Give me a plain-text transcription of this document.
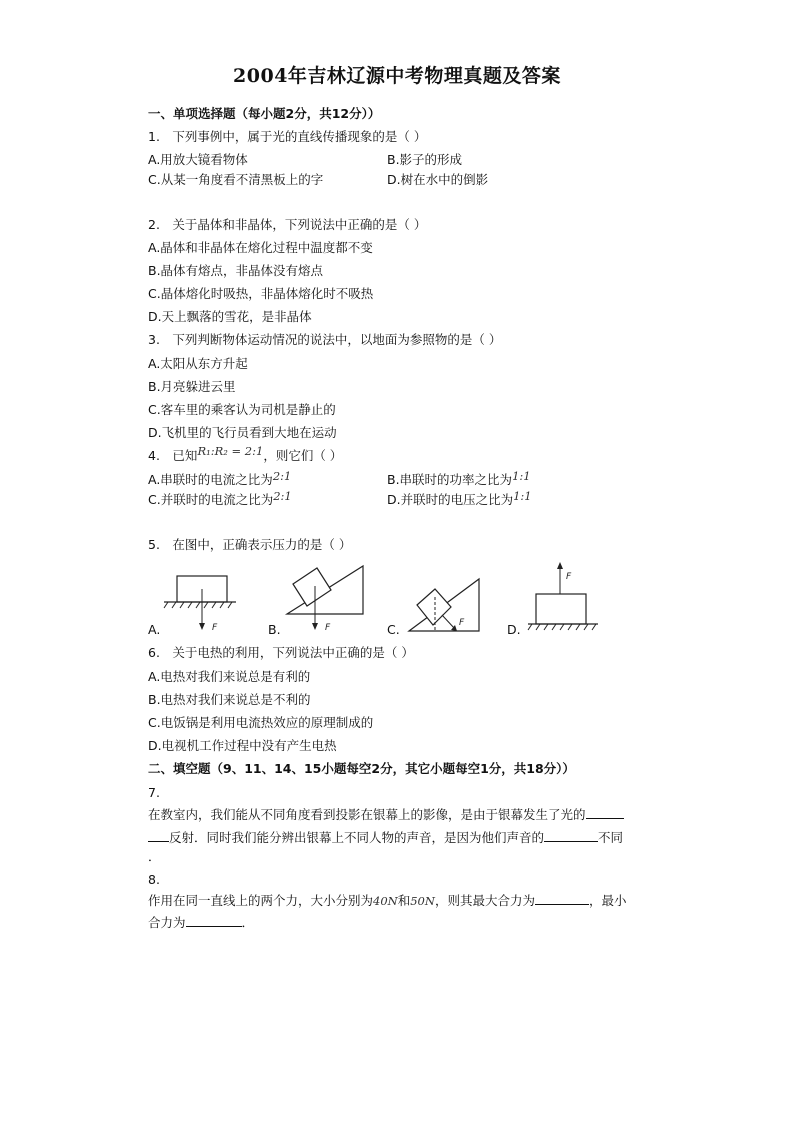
2004年吉林辽源中考物理真题及答案
一、单项选择题（每小题2分，共12分））
1.　下列事例中，属于光的直线传播现象的是（ ）
A.用放大镜看物体	B.影子的形成
C.从某一角度看不清黑板上的字	D.树在水中的倒影
2.　关于晶体和非晶体，下列说法中正确的是（ ）
A.晶体和非晶体在熔化过程中温度都不变
B.晶体有熔点，非晶体没有熔点
C.晶体熔化时吸热，非晶体熔化时不吸热
D.天上飘落的雪花，是非晶体
3.　下列判断物体运动情况的说法中，以地面为参照物的是（ ）
A.太阳从东方升起
B.月亮躲进云里
C.客车里的乘客认为司机是静止的
D.飞机里的飞行员看到大地在运动
4.　已知R₁:R₂ = 2:1，则它们（ ）
A.串联时的电流之比为2:1	B.串联时的功率之比为1:1
C.并联时的电流之比为2:1	D.并联时的电压之比为1:1
5.　在图中，正确表示压力的是（ ）
F
A.	F
B.	F
C.
F
D.
6.　关于电热的利用，下列说法中正确的是（ ）
A.电热对我们来说总是有利的
B.电热对我们来说总是不利的
C.电饭锅是利用电流热效应的原理制成的
D.电视机工作过程中没有产生电热
二、填空题（9、11、14、15小题每空2分，其它小题每空1分，共18分））
7.
在教室内，我们能从不同角度看到投影在银幕上的影像，是由于银幕发生了光的
反射．同时我们能分辨出银幕上不同人物的声音，是因为他们声音的	不同
．
8.
作用在同一直线上的两个力，大小分别为40N和50N，则其最大合力为	，最小
合力为	．
